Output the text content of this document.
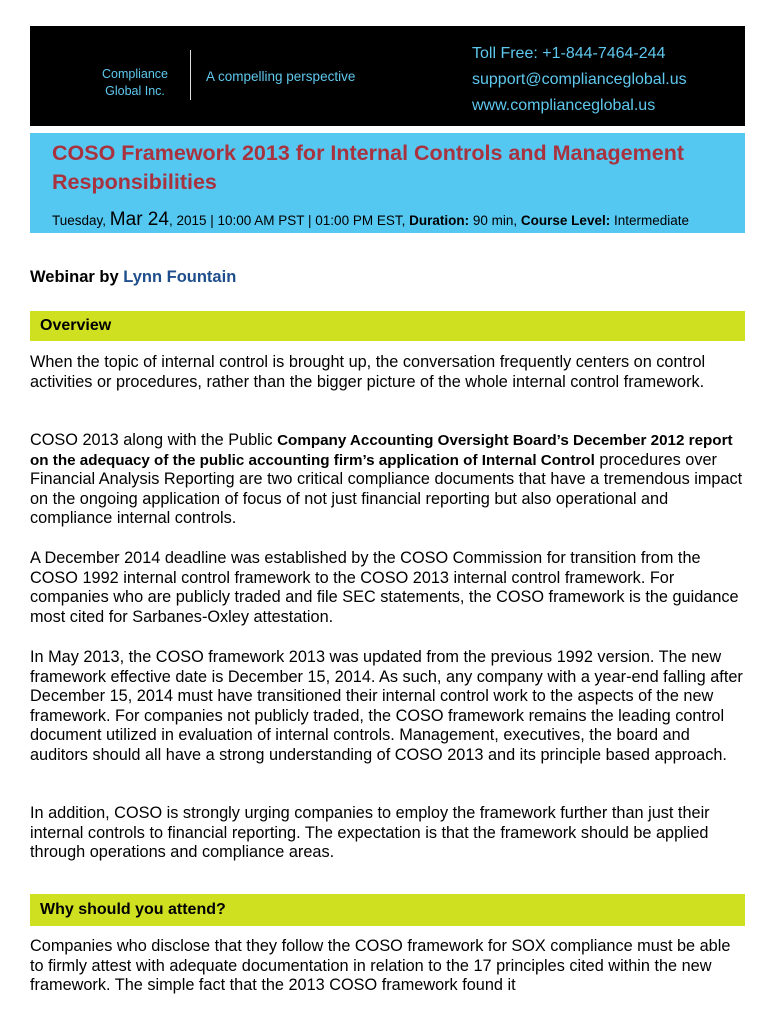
Compliance
Global Inc.
A compelling perspective
Toll Free: +1-844-7464-244
support@complianceglobal.us
www.complianceglobal.us
COSO Framework 2013 for Internal Controls and Management Responsibilities
Tuesday, Mar 24, 2015 | 10:00 AM PST | 01:00 PM EST, Duration: 90 min, Course Level: Intermediate
Webinar by Lynn Fountain
Overview

When the topic of internal control is brought up, the conversation frequently centers on control activities or procedures, rather than the bigger picture of the whole internal control framework.

COSO 2013 along with the Public Company Accounting Oversight Board’s December 2012 report on the adequacy of the public accounting firm’s application of Internal Control procedures over Financial Analysis Reporting are two critical compliance documents that have a tremendous impact on the ongoing application of focus of not just financial reporting but also operational and compliance internal controls.

A December 2014 deadline was established by the COSO Commission for transition from the COSO 1992 internal control framework to the COSO 2013 internal control framework. For companies who are publicly traded and file SEC statements, the COSO framework is the guidance most cited for Sarbanes-Oxley attestation.

In May 2013, the COSO framework 2013 was updated from the previous 1992 version. The new framework effective date is December 15, 2014. As such, any company with a year-end falling after December 15, 2014 must have transitioned their internal control work to the aspects of the new framework. For companies not publicly traded, the COSO framework remains the leading control document utilized in evaluation of internal controls. Management, executives, the board and auditors should all have a strong understanding of COSO 2013 and its principle based approach.

In addition, COSO is strongly urging companies to employ the framework further than just their internal controls to financial reporting. The expectation is that the framework should be applied through operations and compliance areas.

Why should you attend?

Companies who disclose that they follow the COSO framework for SOX compliance must be able to firmly attest with adequate documentation in relation to the 17 principles cited within the new framework. The simple fact that the 2013 COSO framework found it
